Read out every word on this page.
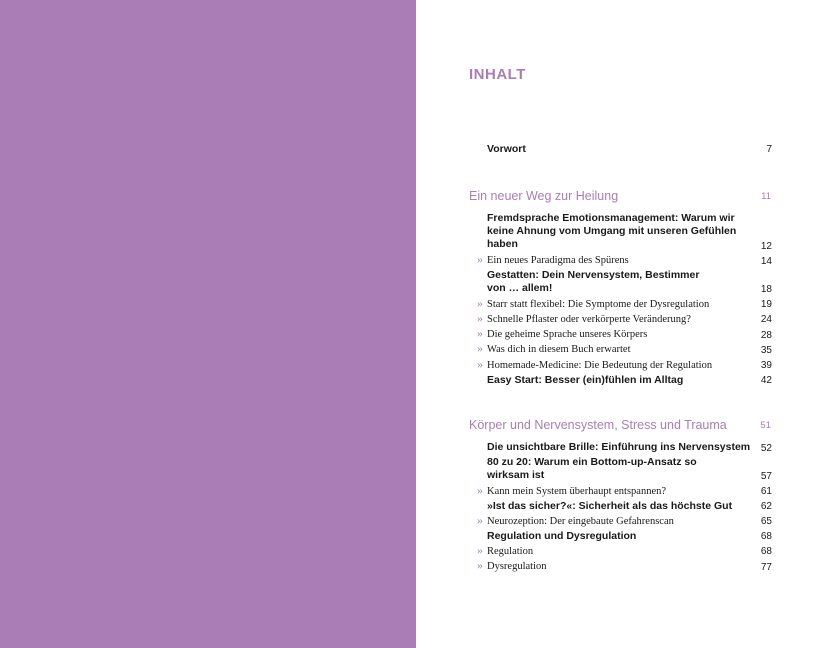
INHALT
Vorwort	7
Ein neuer Weg zur Heilung	11
Fremdsprache Emotionsmanagement: Warum wir
keine Ahnung vom Umgang mit unseren Gefühlen
haben	12
» Ein neues Paradigma des Spürens	14
Gestatten: Dein Nervensystem, Bestimmer
von … allem!	18
» Starr statt flexibel: Die Symptome der Dysregulation	19
» Schnelle Pflaster oder verkörperte Veränderung?	24
» Die geheime Sprache unseres Körpers	28
» Was dich in diesem Buch erwartet	35
» Homemade-Medicine: Die Bedeutung der Regulation	39
Easy Start: Besser (ein)fühlen im Alltag	42
Körper und Nervensystem, Stress und Trauma	51
Die unsichtbare Brille: Einführung ins Nervensystem 52
80 zu 20: Warum ein Bottom-up-Ansatz so
wirksam ist	57
» Kann mein System überhaupt entspannen?	61
»Ist das sicher?«: Sicherheit als das höchste Gut	62
» Neurozeption: Der eingebaute Gefahrenscan	65
Regulation und Dysregulation	68
» Regulation	68
» Dysregulation	77
